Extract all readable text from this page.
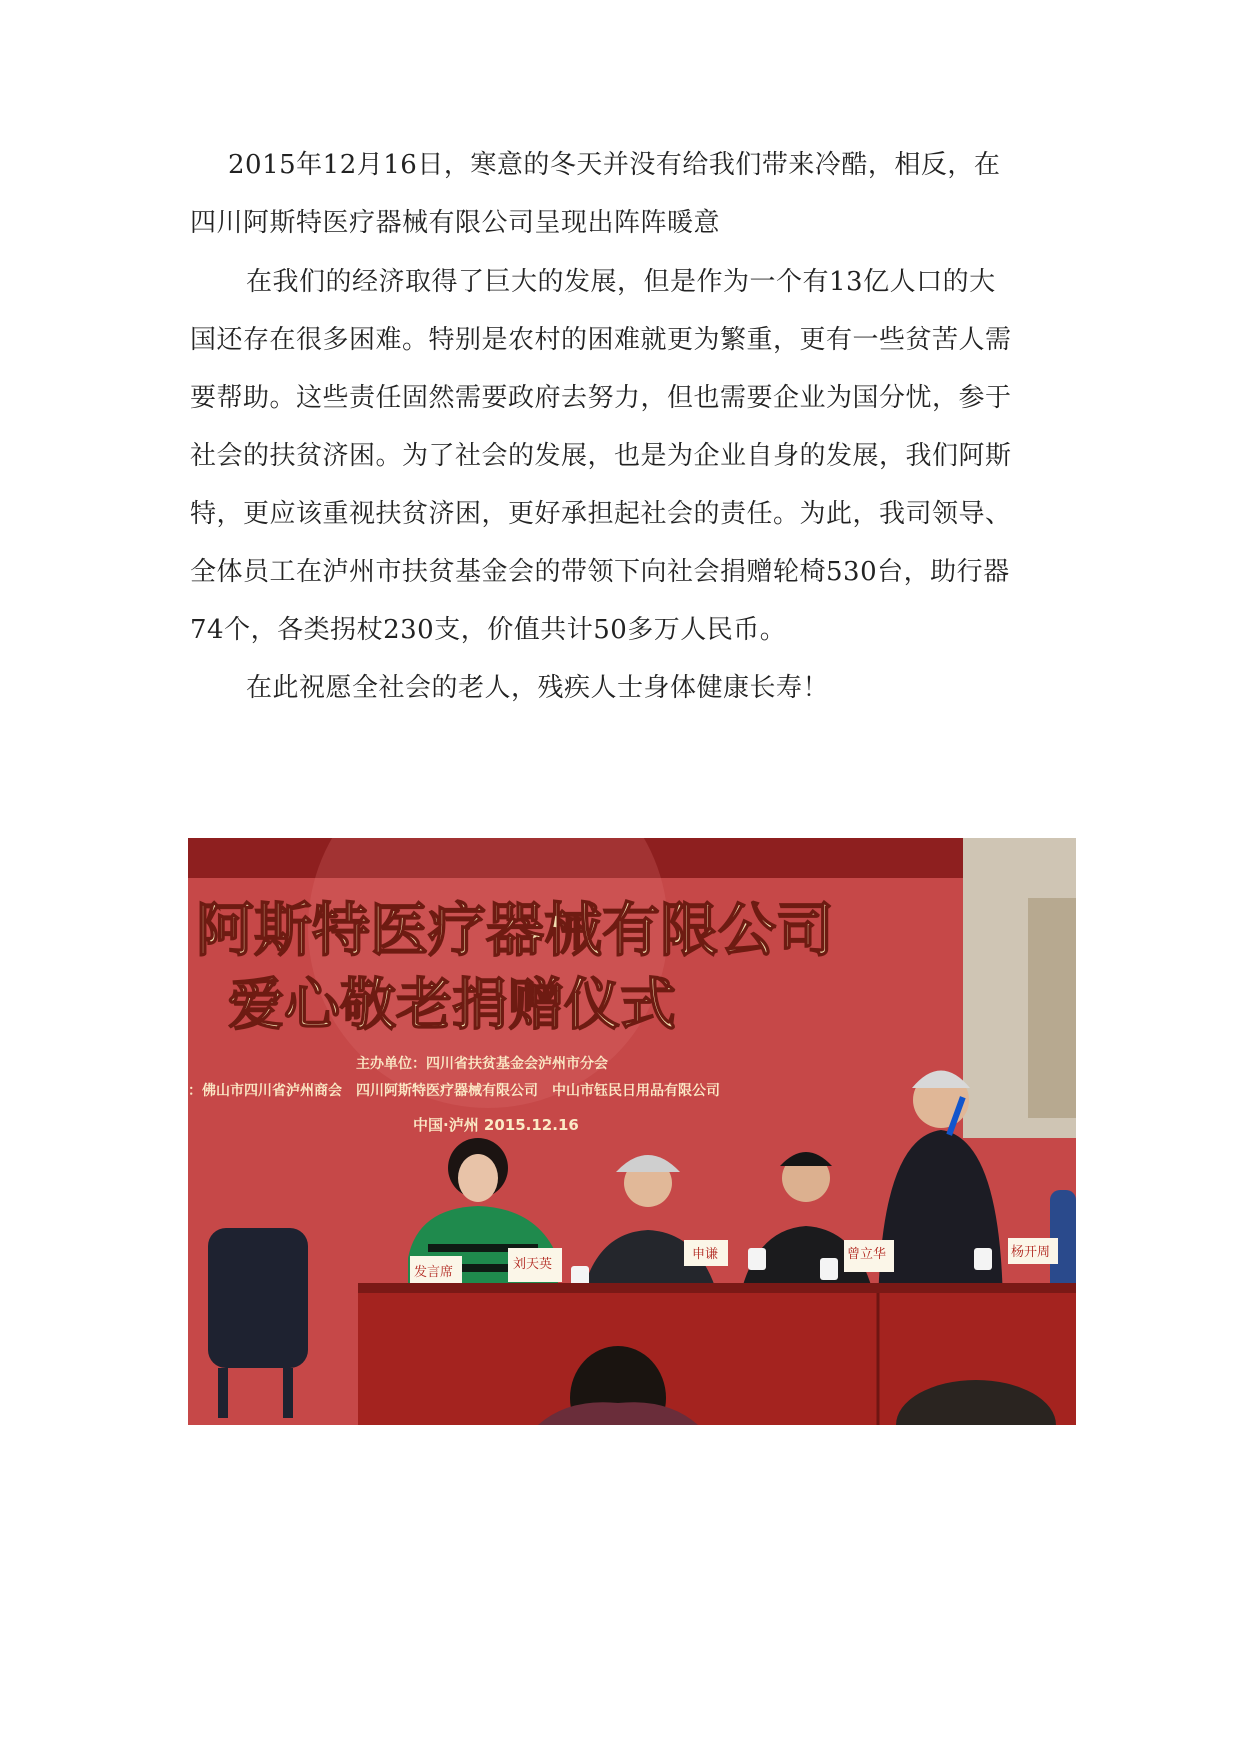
2015年12月16日，寒意的冬天并没有给我们带来冷酷，相反，在
四川阿斯特医疗器械有限公司呈现出阵阵暖意
在我们的经济取得了巨大的发展，但是作为一个有13亿人口的大
国还存在很多困难。特别是农村的困难就更为繁重，更有一些贫苦人需
要帮助。这些责任固然需要政府去努力，但也需要企业为国分忧，参于
社会的扶贫济困。为了社会的发展，也是为企业自身的发展，我们阿斯
特，更应该重视扶贫济困，更好承担起社会的责任。为此，我司领导、
全体员工在泸州市扶贫基金会的带领下向社会捐赠轮椅530台，助行器
74个，各类拐杖230支，价值共计50多万人民币。
在此祝愿全社会的老人，残疾人士身体健康长寿！
阿斯特医疗器械有限公司
爱心敬老捐赠仪式
主办单位：四川省扶贫基金会泸州市分会
：佛山市四川省泸州商会　四川阿斯特医疗器械有限公司　中山市钰民日用品有限公司
中国·泸州 2015.12.16
发言席
刘天英
申谦	曾立华	杨开周
